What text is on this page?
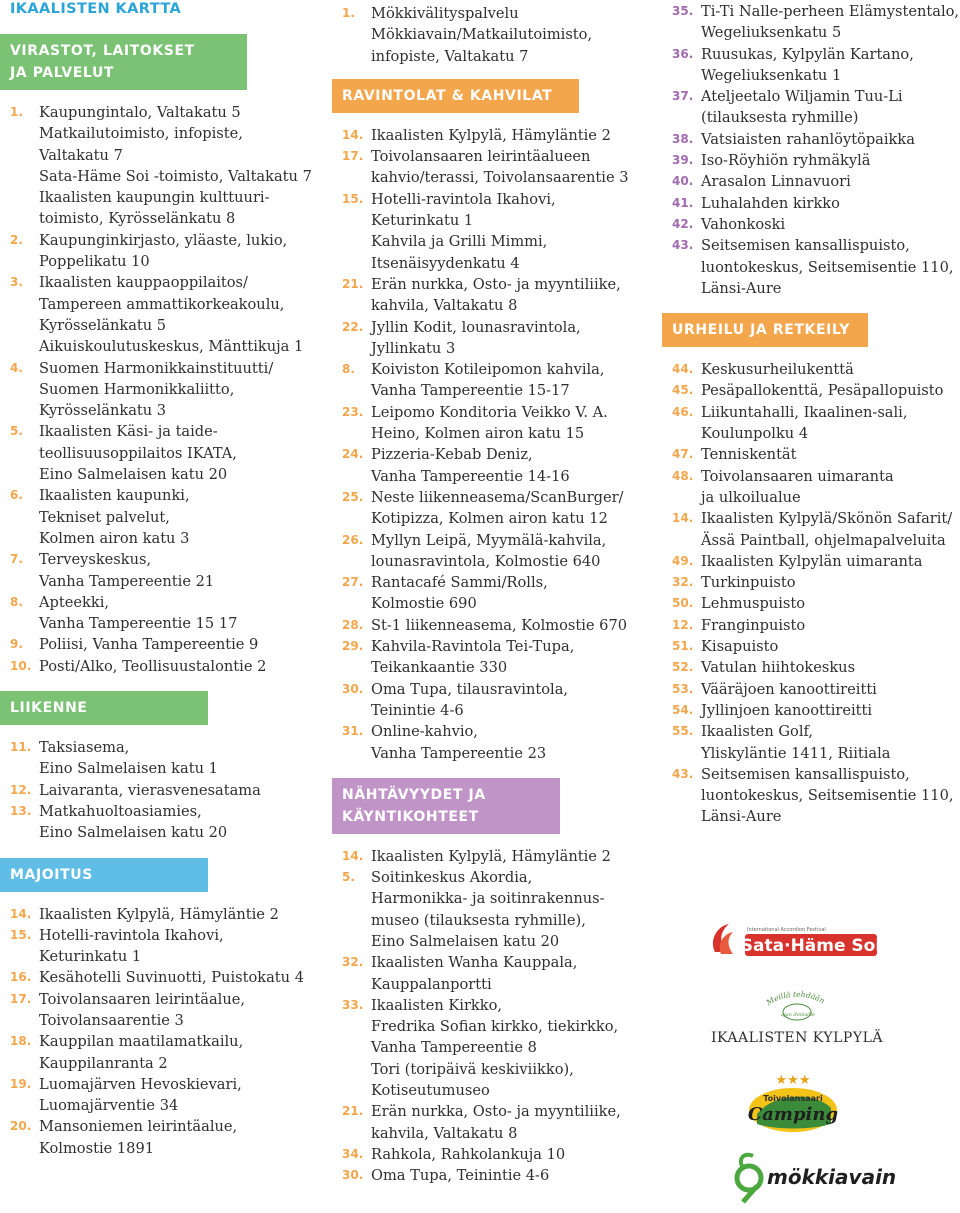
IKAALISTEN KARTTA
VIRASTOT, LAITOKSET
JA PALVELUT
1.	Kaupungintalo, Valtakatu 5
Matkailutoimisto, infopiste,
Valtakatu 7
Sata-Häme Soi -toimisto, Valtakatu 7
Ikaalisten kaupungin kulttuuri-
toimisto, Kyrösselänkatu 8
2.	Kaupunginkirjasto, yläaste, lukio,
Poppelikatu 10
3.	Ikaalisten kauppaoppilaitos/
Tampereen ammattikorkeakoulu,
Kyrösselänkatu 5
Aikuiskoulutuskeskus, Mänttikuja 1
4.	Suomen Harmonikkainstituutti/
Suomen Harmonikkaliitto,
Kyrösselänkatu 3
5.	Ikaalisten Käsi- ja taide-
teollisuusoppilaitos IKATA,
Eino Salmelaisen katu 20
6.	Ikaalisten kaupunki,
Tekniset palvelut,
Kolmen airon katu 3
7.	Terveyskeskus,
Vanha Tampereentie 21
8.	Apteekki,
Vanha Tampereentie 15 17
9.	Poliisi, Vanha Tampereentie 9
10. Posti/Alko, Teollisuustalontie 2
LIIKENNE
11. Taksiasema,
Eino Salmelaisen katu 1
12. Laivaranta, vierasvenesatama
13. Matkahuoltoasiamies,
Eino Salmelaisen katu 20
MAJOITUS
14. Ikaalisten Kylpylä, Hämyläntie 2
15. Hotelli-ravintola Ikahovi,
Keturinkatu 1
16. Kesähotelli Suvinuotti, Puistokatu 4
17. Toivolansaaren leirintäalue,
Toivolansaarentie 3
18. Kauppilan maatilamatkailu,
Kauppilanranta 2
19. Luomajärven Hevoskievari,
Luomajärventie 34
20. Mansoniemen leirintäalue,
Kolmostie 1891
1.	Mökkivälityspalvelu
Mökkiavain/Matkailutoimisto,
infopiste, Valtakatu 7
RAVINTOLAT & KAHVILAT
14. Ikaalisten Kylpylä, Hämyläntie 2
17. Toivolansaaren leirintäalueen
kahvio/terassi, Toivolansaarentie 3
15. Hotelli-ravintola Ikahovi,
Keturinkatu 1
Kahvila ja Grilli Mimmi,
Itsenäisyydenkatu 4
21. Erän nurkka, Osto- ja myyntiliike,
kahvila, Valtakatu 8
22. Jyllin Kodit, lounasravintola,
Jyllinkatu 3
8.	Koiviston Kotileipomon kahvila,
Vanha Tampereentie 15-17
23. Leipomo Konditoria Veikko V. A.
Heino, Kolmen airon katu 15
24. Pizzeria-Kebab Deniz,
Vanha Tampereentie 14-16
25. Neste liikenneasema/ScanBurger/
Kotipizza, Kolmen airon katu 12
26. Myllyn Leipä, Myymälä-kahvila,
lounasravintola, Kolmostie 640
27. Rantacafé Sammi/Rolls,
Kolmostie 690
28. St-1 liikenneasema, Kolmostie 670
29. Kahvila-Ravintola Tei-Tupa,
Teikankaantie 330
30. Oma Tupa, tilausravintola,
Teinintie 4-6
31. Online-kahvio,
Vanha Tampereentie 23
NÄHTÄVYYDET JA
KÄYNTIKOHTEET
14. Ikaalisten Kylpylä, Hämyläntie 2
5.	Soitinkeskus Akordia,
Harmonikka- ja soitinrakennus-
museo (tilauksesta ryhmille),
Eino Salmelaisen katu 20
32. Ikaalisten Wanha Kauppala,
Kauppalanportti
33. Ikaalisten Kirkko,
Fredrika Sofian kirkko, tiekirkko,
Vanha Tampereentie 8
Tori (toripäivä keskiviikko),
Kotiseutumuseo
21. Erän nurkka, Osto- ja myyntiliike,
kahvila, Valtakatu 8
34. Rahkola, Rahkolankuja 10
30. Oma Tupa, Teinintie 4-6
35. Ti-Ti Nalle-perheen Elämystentalo,
Wegeliuksenkatu 5
36. Ruusukas, Kylpylän Kartano,
Wegeliuksenkatu 1
37. Ateljeetalo Wiljamin Tuu-Li
(tilauksesta ryhmille)
38. Vatsiaisten rahanlöytöpaikka
39. Iso-Röyhiön ryhmäkylä
40. Arasalon Linnavuori
41. Luhalahden kirkko
42. Vahonkoski
43. Seitsemisen kansallispuisto,
luontokeskus, Seitsemisentie 110,
Länsi-Aure
URHEILU JA RETKEILY
44. Keskusurheilukenttä
45. Pesäpallokenttä, Pesäpallopuisto
46. Liikuntahalli, Ikaalinen-sali,
Koulunpolku 4
47. Tenniskentät
48. Toivolansaaren uimaranta
ja ulkoilualue
14. Ikaalisten Kylpylä/Skönön Safarit/
Ässä Paintball, ohjelmapalveluita
49. Ikaalisten Kylpylän uimaranta
32. Turkinpuisto
50. Lehmuspuisto
12. Franginpuisto
51. Kisapuisto
52. Vatulan hiihtokeskus
53. Vääräjoen kanoottireitti
54. Jyllinjoen kanoottireitti
55. Ikaalisten Golf,
Yliskyläntie 1411, Riitiala
43. Seitsemisen kansallispuisto,
luontokeskus, Seitsemisentie 110,
Länsi-Aure
International Accordion Festival
Sata·Häme Soi
Meillä tehdään
ajan ihmisille
IKAALISTEN KYLPYLÄ
★★★
Toivolansaari
Camping
mökkiavain
